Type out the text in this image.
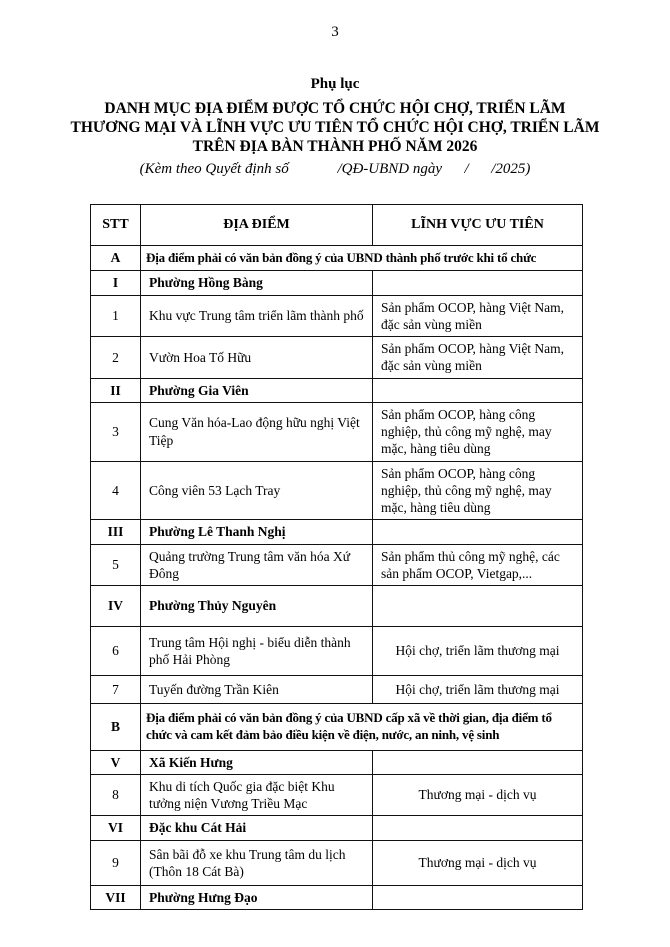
3
Phụ lục
DANH MỤC ĐỊA ĐIỂM ĐƯỢC TỔ CHỨC HỘI CHỢ, TRIỂN LÃM
THƯƠNG MẠI VÀ LĨNH VỰC ƯU TIÊN TỔ CHỨC HỘI CHỢ, TRIỂN LÃM
TRÊN ĐỊA BÀN THÀNH PHỐ NĂM 2026
(Kèm theo Quyết định số             /QĐ-UBND ngày      /      /2025)
STT	ĐỊA ĐIỂM	LĨNH VỰC ƯU TIÊN
A	Địa điểm phải có văn bản đồng ý của UBND thành phố trước khi tổ chức	
I	Phường Hồng Bàng	
1	Khu vực Trung tâm triển lãm thành phố	Sản phẩm OCOP, hàng Việt Nam, đặc sản vùng miền
2	Vườn Hoa Tố Hữu	Sản phẩm OCOP, hàng Việt Nam, đặc sản vùng miền
II	Phường Gia Viên	
3	Cung Văn hóa-Lao động hữu nghị Việt Tiệp	Sản phẩm OCOP, hàng công nghiệp, thủ công mỹ nghệ, may mặc, hàng tiêu dùng
4	Công viên 53 Lạch Tray	Sản phẩm OCOP, hàng công nghiệp, thủ công mỹ nghệ, may mặc, hàng tiêu dùng
III	Phường Lê Thanh Nghị	
5	Quảng trường Trung tâm văn hóa Xứ Đông	Sản phẩm thủ công mỹ nghệ, các sản phẩm OCOP, Vietgap,...
IV	Phường Thủy Nguyên	
6	Trung tâm Hội nghị - biểu diễn thành phố Hải Phòng	Hội chợ, triển lãm thương mại
7	Tuyến đường Trần Kiên	Hội chợ, triển lãm thương mại
B	Địa điểm phải có văn bản đồng ý của UBND cấp xã về thời gian, địa điểm tổ chức và cam kết đảm bảo điều kiện về điện, nước, an ninh, vệ sinh	
V	Xã Kiến Hưng	
8	Khu di tích Quốc gia đặc biệt Khu tưởng niện Vương Triều Mạc	Thương mại - dịch vụ
VI	Đặc khu Cát Hải	
9	Sân bãi đỗ xe khu Trung tâm du lịch (Thôn 18 Cát Bà)	Thương mại - dịch vụ
VII	Phường Hưng Đạo	
